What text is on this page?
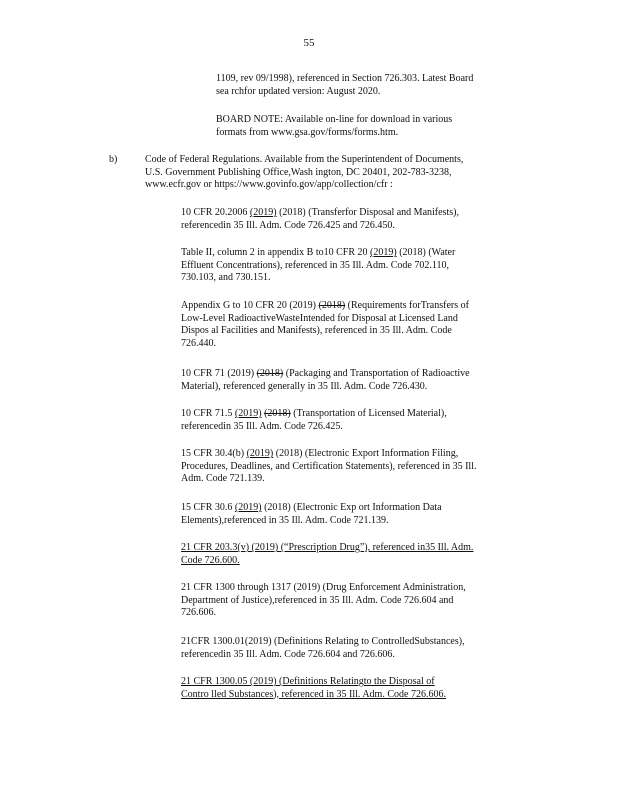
55
1109, rev 09/1998), referenced in Section 726.303. Latest Board
sea rchfor updated version: August 2020.
BOARD NOTE: Available on-line for download in various
formats from www.gsa.gov/forms/forms.htm.
b)	Code of Federal Regulations. Available from the Superintendent of Documents,
U.S. Government Publishing Office,Wash ington, DC 20401, 202-783-3238,
www.ecfr.gov or https://www.govinfo.gov/app/collection/cfr :
10 CFR 20.2006 (2019) (2018) (Transferfor Disposal and Manifests),
referencedin 35 Ill. Adm. Code 726.425 and 726.450.
Table II, column 2 in appendix B to10 CFR 20 (2019) (2018) (Water
Effluent Concentrations), referenced in 35 Ill. Adm. Code 702.110,
730.103, and 730.151.
Appendix G to 10 CFR 20 (2019) (2018) (Requirements forTransfers of
Low-Level RadioactiveWasteIntended for Disposal at Licensed Land
Dispos al Facilities and Manifests), referenced in 35 Ill. Adm. Code
726.440.
10 CFR 71 (2019) (2018) (Packaging and Transportation of Radioactive
Material), referenced generally in 35 Ill. Adm. Code 726.430.
10 CFR 71.5 (2019) (2018) (Transportation of Licensed Material),
referencedin 35 Ill. Adm. Code 726.425.
15 CFR 30.4(b) (2019) (2018) (Electronic Export Information Filing,
Procedures, Deadlines, and Certification Statements), referenced in 35 Ill.
Adm. Code 721.139.
15 CFR 30.6 (2019) (2018) (Electronic Exp ort Information Data
Elements),referenced in 35 Ill. Adm. Code 721.139.
21 CFR 203.3(v) (2019) (“Prescription Drug”), referenced in35 Ill. Adm.
Code 726.600.
21 CFR 1300 through 1317 (2019) (Drug Enforcement Administration,
Department of Justice),referenced in 35 Ill. Adm. Code 726.604 and
726.606.
21CFR 1300.01(2019) (Definitions Relating to ControlledSubstances),
referencedin 35 Ill. Adm. Code 726.604 and 726.606.
21 CFR 1300.05 (2019) (Definitions Relatingto the Disposal of
Contro lled Substances), referenced in 35 Ill. Adm. Code 726.606.
